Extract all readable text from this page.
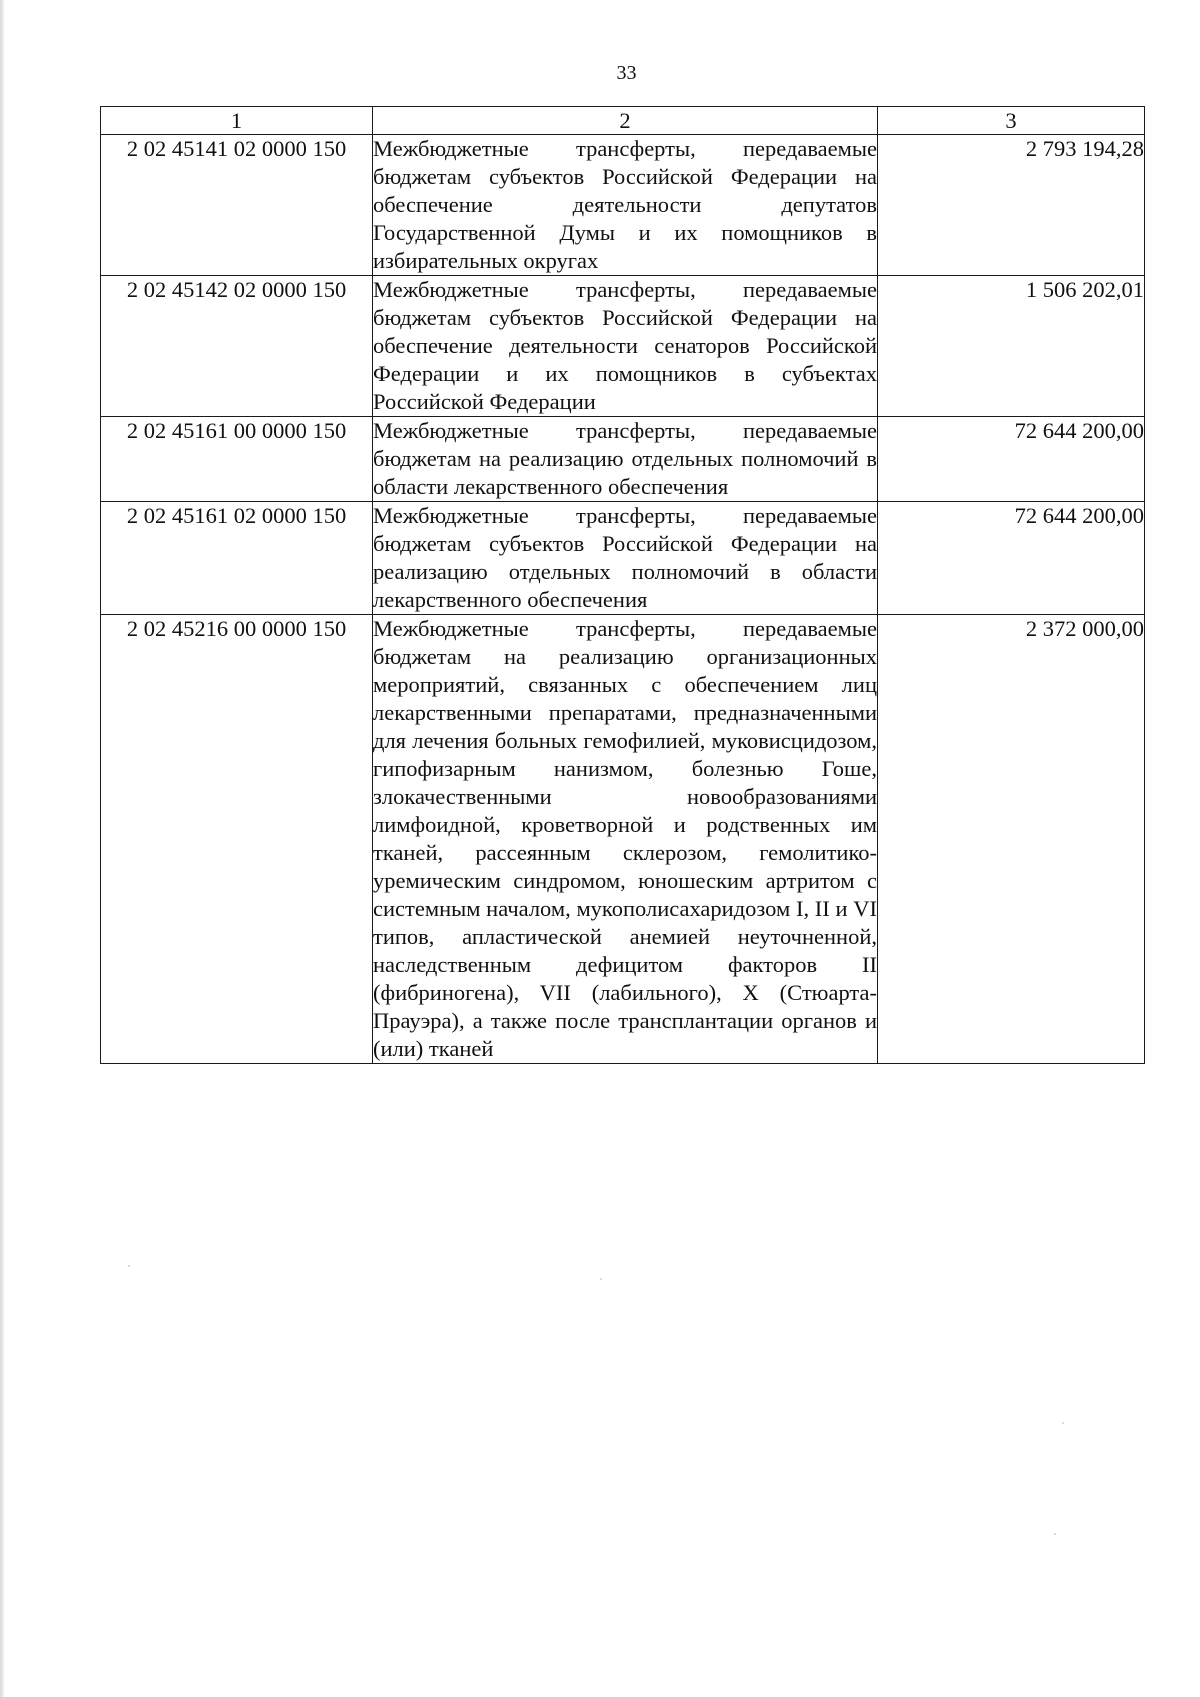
33
1	2	3
2 02 45141 02 0000 150	Межбюджетные трансферты, передаваемые бюджетам субъектов Российской Федерации на обеспечение деятельности депутатов Государственной Думы и их помощников в избирательных округах	2 793 194,28
2 02 45142 02 0000 150	Межбюджетные трансферты, передаваемые бюджетам субъектов Российской Федерации на обеспечение деятельности сенаторов Российской Федерации и их помощников в субъектах Российской Федерации	1 506 202,01
2 02 45161 00 0000 150	Межбюджетные трансферты, передаваемые бюджетам на реализацию отдельных полномочий в области лекарственного обеспечения	72 644 200,00
2 02 45161 02 0000 150	Межбюджетные трансферты, передаваемые бюджетам субъектов Российской Федерации на реализацию отдельных полномочий в области лекарственного обеспечения	72 644 200,00
2 02 45216 00 0000 150	Межбюджетные трансферты, передаваемые бюджетам на реализацию организационных мероприятий, связанных с обеспечением лиц лекарственными препаратами, предназначенными для лечения больных гемофилией, муковисцидозом, гипофизарным нанизмом, болезнью Гоше, злокачественными новообразованиями лимфоидной, кроветворной и родственных им тканей, рассеянным склерозом, гемолитико-уремическим синдромом, юношеским артритом с системным началом, мукополисахаридозом I, II и VI типов, апластической анемией неуточненной, наследственным дефицитом факторов II (фибриногена), VII (лабильного), X (Стюарта-Прауэра), а также после трансплантации органов и (или) тканей	2 372 000,00
